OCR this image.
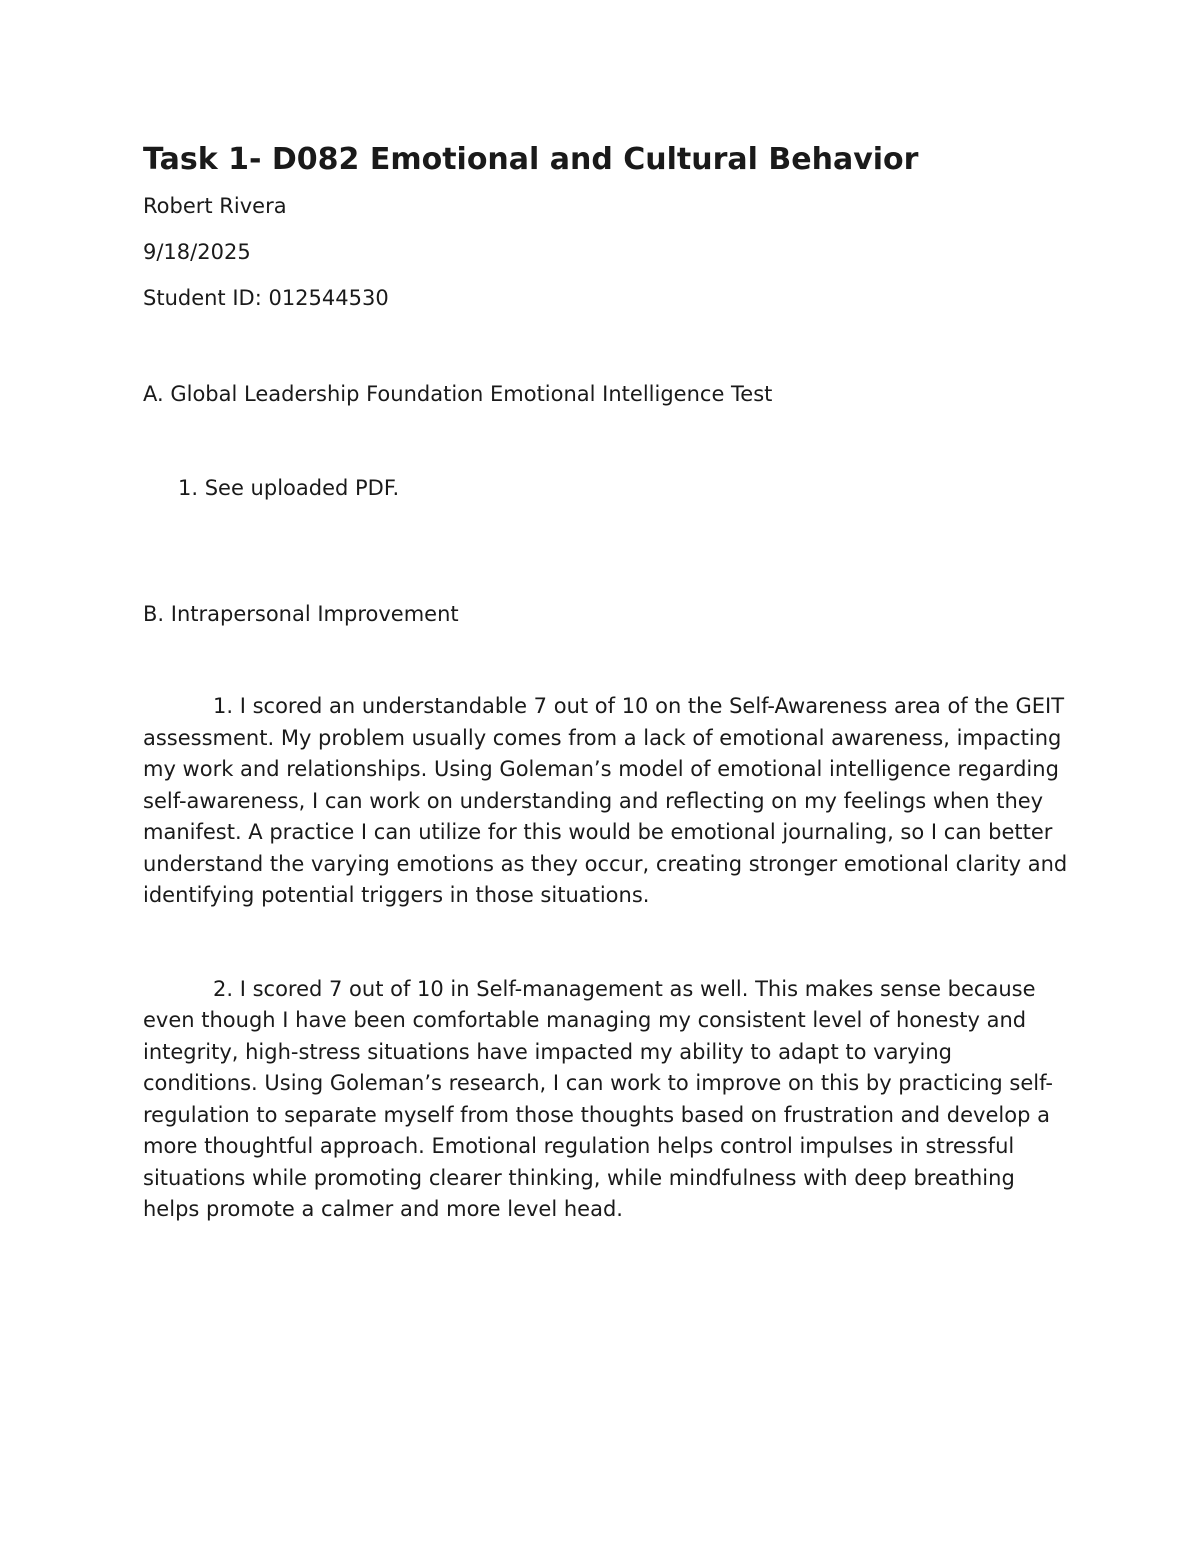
Task 1- D082 Emotional and Cultural Behavior

Robert Rivera

9/18/2025

Student ID: 012544530

A. Global Leadership Foundation Emotional Intelligence Test

1. See uploaded PDF.

B. Intrapersonal Improvement

1. I scored an understandable 7 out of 10 on the Self-Awareness area of the GEIT assessment. My problem usually comes from a lack of emotional awareness, impacting my work and relationships. Using Goleman’s model of emotional intelligence regarding self-awareness, I can work on understanding and reflecting on my feelings when they manifest. A practice I can utilize for this would be emotional journaling, so I can better understand the varying emotions as they occur, creating stronger emotional clarity and identifying potential triggers in those situations.

2. I scored 7 out of 10 in Self-management as well. This makes sense because even though I have been comfortable managing my consistent level of honesty and integrity, high-stress situations have impacted my ability to adapt to varying conditions. Using Goleman’s research, I can work to improve on this by practicing self-regulation to separate myself from those thoughts based on frustration and develop a more thoughtful approach. Emotional regulation helps control impulses in stressful situations while promoting clearer thinking, while mindfulness with deep breathing helps promote a calmer and more level head.
